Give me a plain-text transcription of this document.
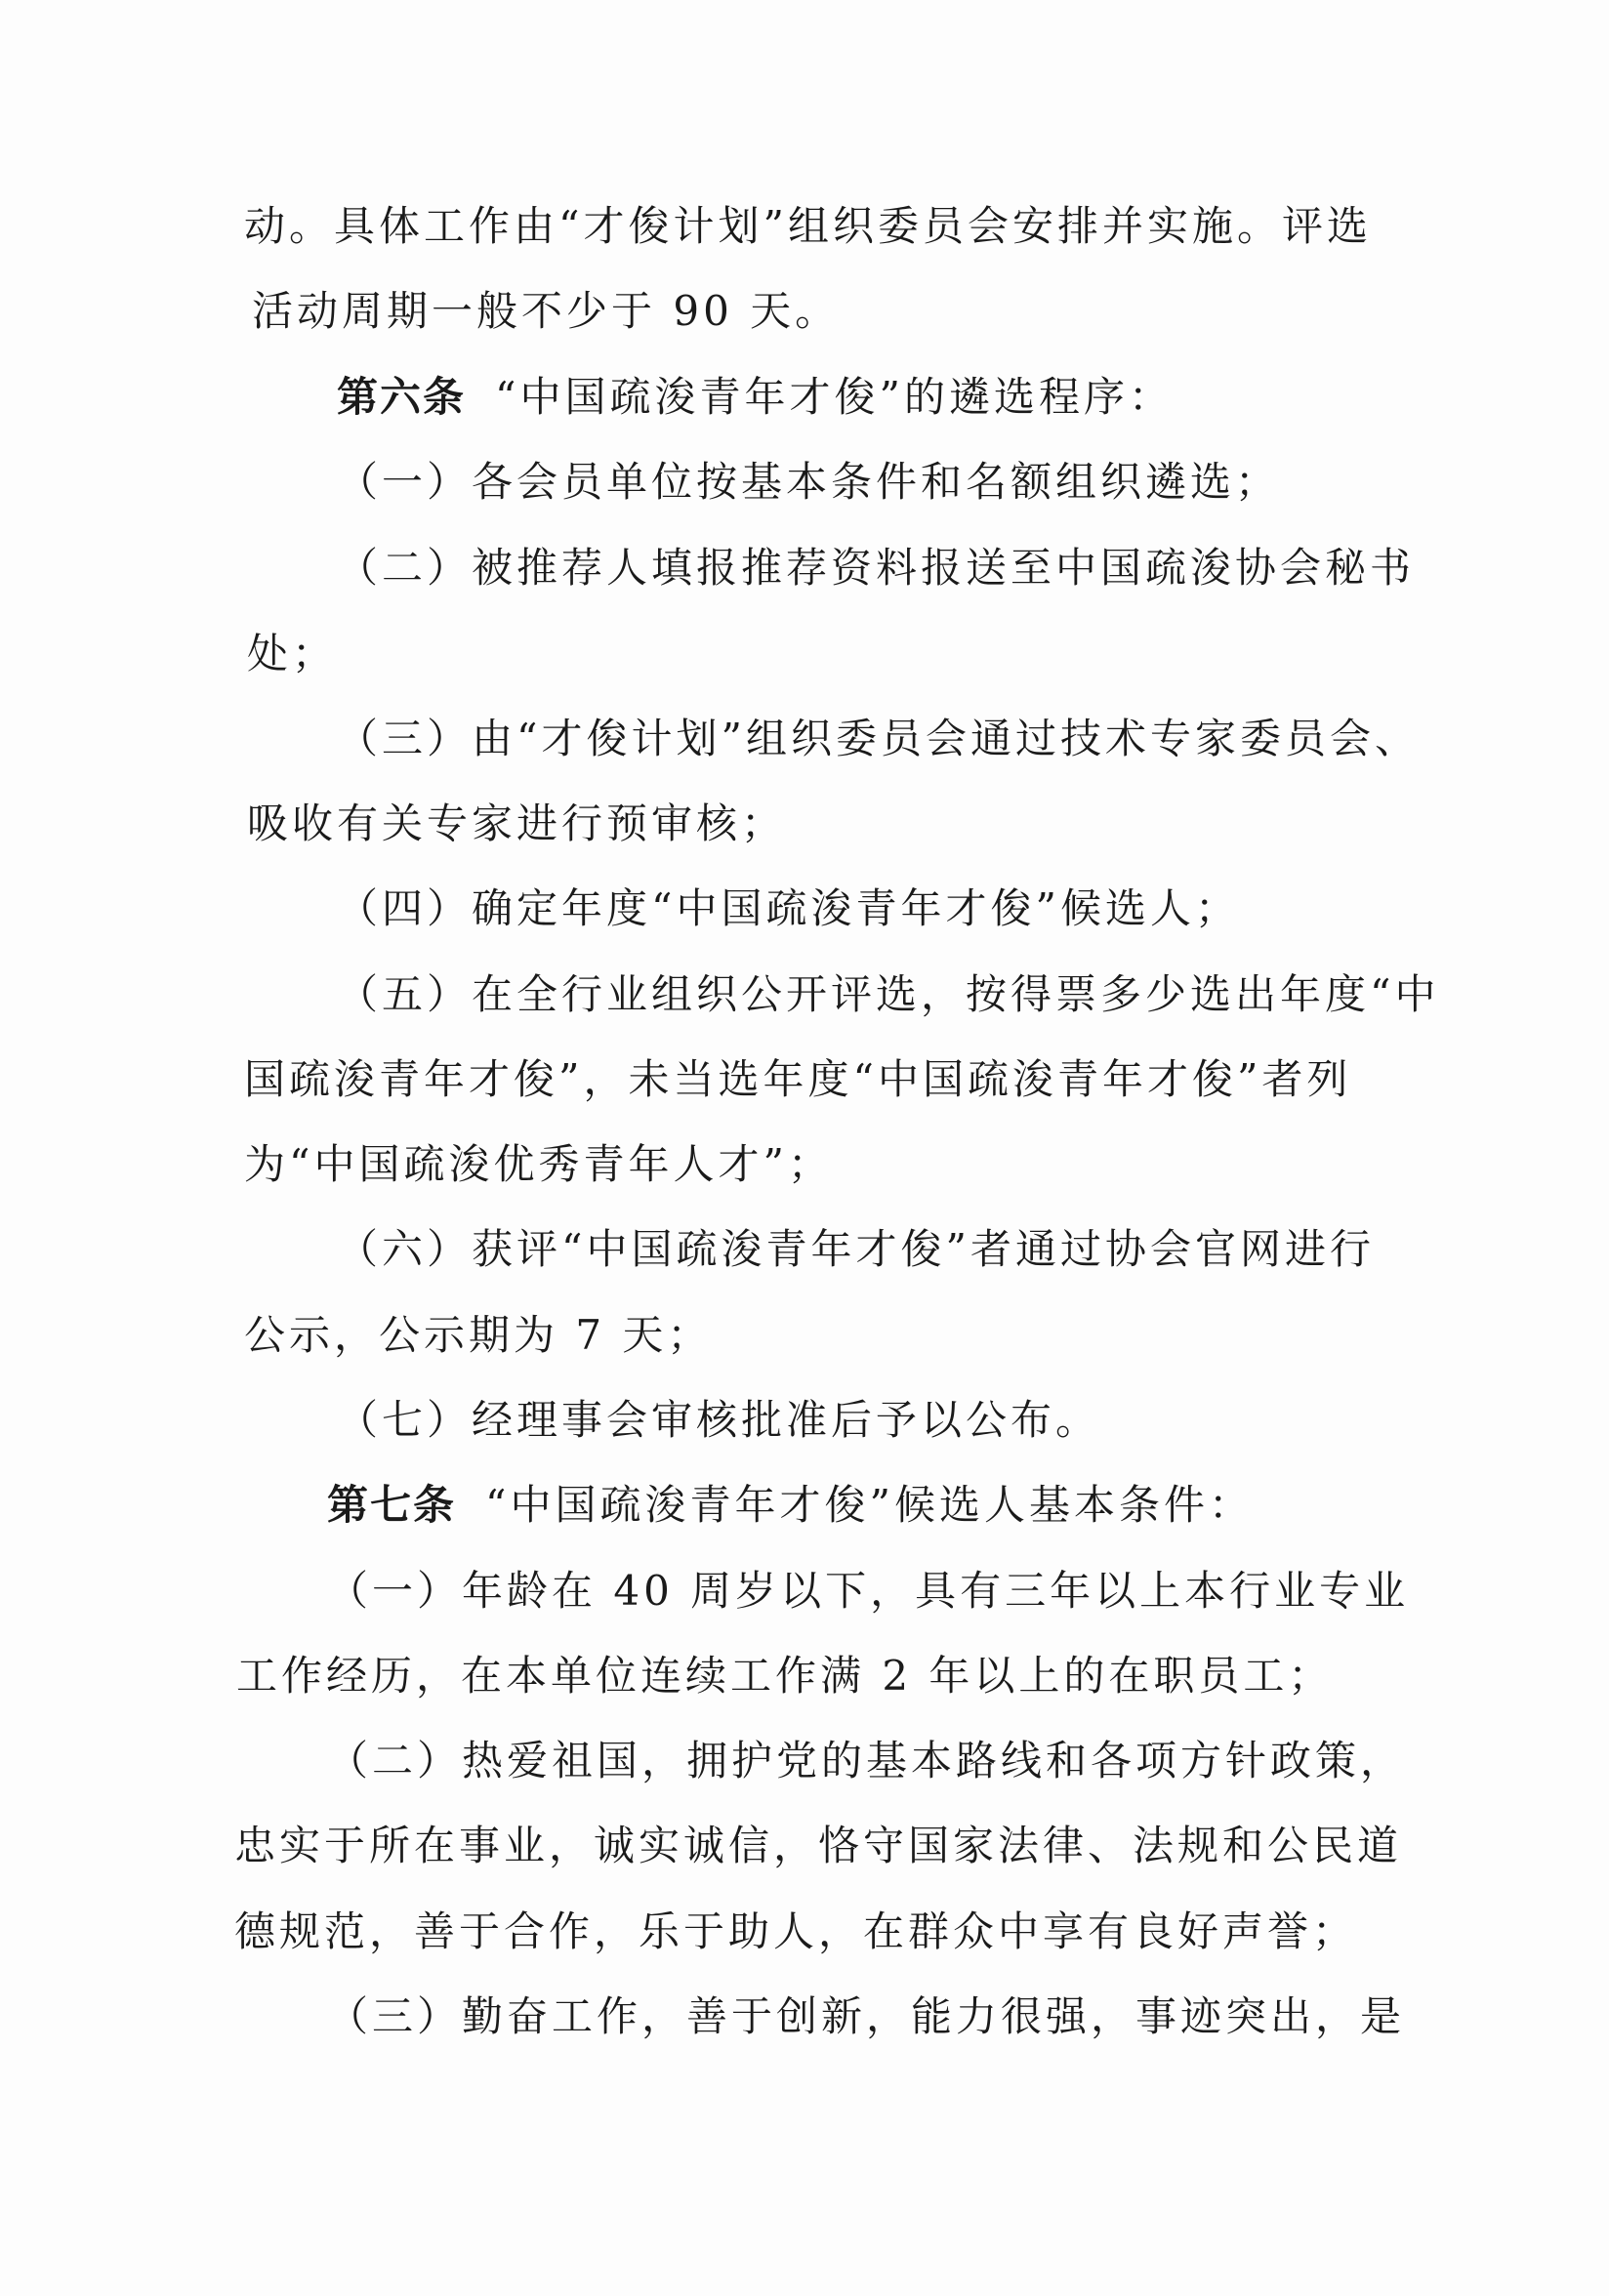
动。具体工作由“才俊计划”组织委员会安排并实施。评选
活动周期一般不少于 90 天。
第六条 “中国疏浚青年才俊”的遴选程序：
（一）各会员单位按基本条件和名额组织遴选；
（二）被推荐人填报推荐资料报送至中国疏浚协会秘书
处；
（三）由“才俊计划”组织委员会通过技术专家委员会、
吸收有关专家进行预审核；
（四）确定年度“中国疏浚青年才俊”候选人；
（五）在全行业组织公开评选，按得票多少选出年度“中
国疏浚青年才俊”，未当选年度“中国疏浚青年才俊”者列
为“中国疏浚优秀青年人才”；
（六）获评“中国疏浚青年才俊”者通过协会官网进行
公示，公示期为 7 天；
（七）经理事会审核批准后予以公布。
第七条 “中国疏浚青年才俊”候选人基本条件：
（一）年龄在 40 周岁以下，具有三年以上本行业专业
工作经历，在本单位连续工作满 2 年以上的在职员工；
（二）热爱祖国，拥护党的基本路线和各项方针政策，
忠实于所在事业，诚实诚信，恪守国家法律、法规和公民道
德规范，善于合作，乐于助人，在群众中享有良好声誉；
（三）勤奋工作，善于创新，能力很强，事迹突出，是
